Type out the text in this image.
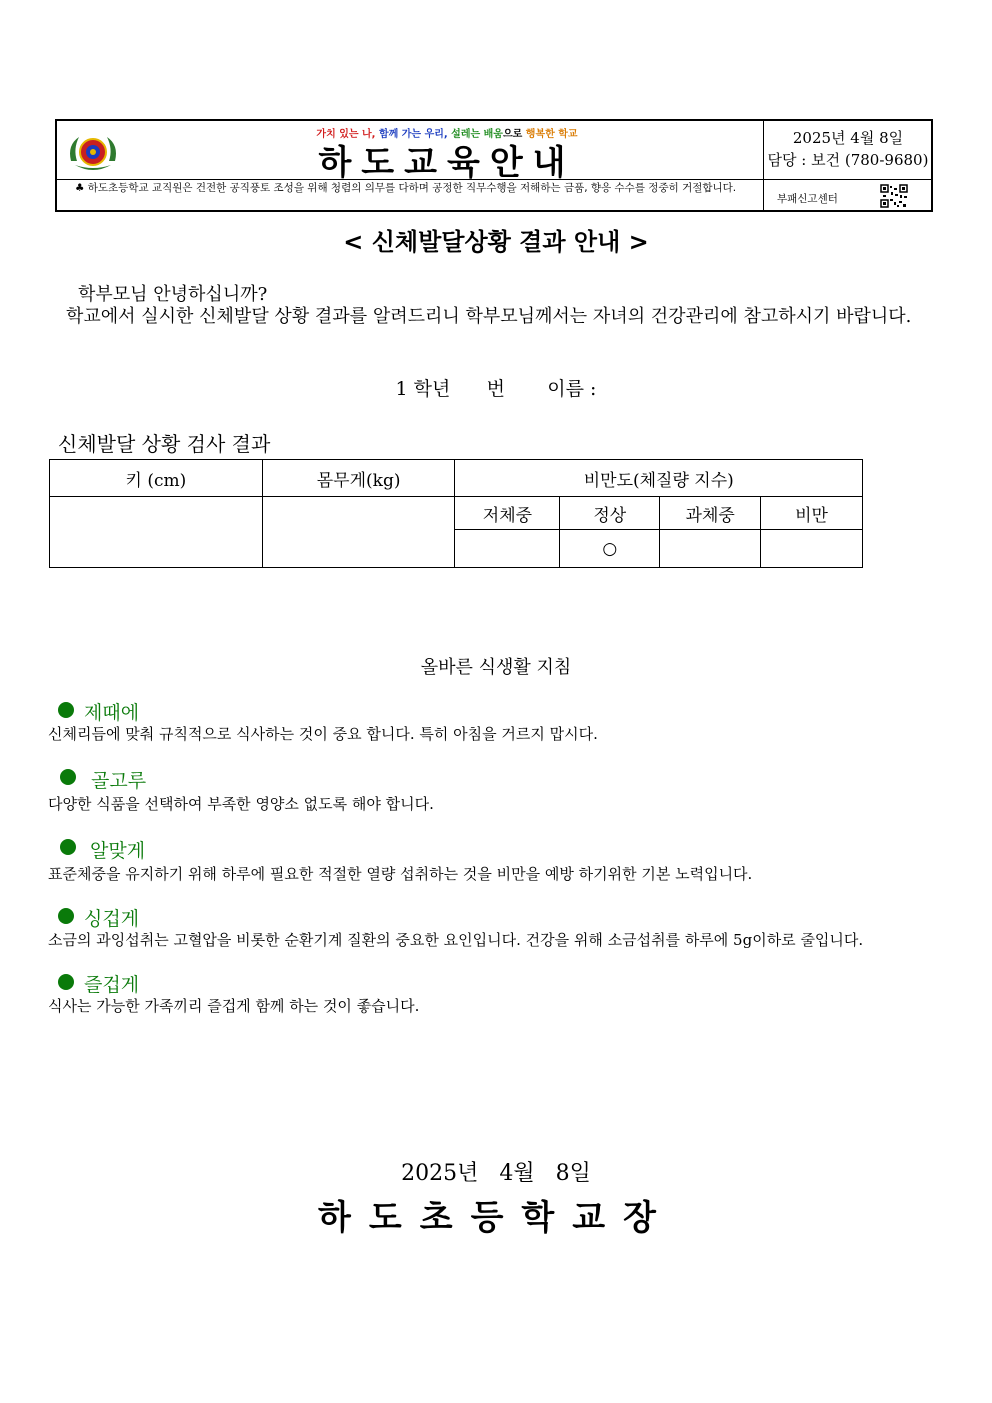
가치 있는 나, 함께 가는 우리, 설레는 배움으로 행복한 학교
하도교육안내
2025년 4월 8일
담당 : 보건 (780-9680)
♣ 하도초등학교 교직원은 건전한 공직풍토 조성을 위해 청렴의 의무를 다하며 공정한 직무수행을 저해하는 금품, 향응 수수를 정중히 거절합니다.
부패신고센터
< 신체발달상황 결과 안내 >
학부모님 안녕하십니까?
학교에서 실시한 신체발달 상황 결과를 알려드리니 학부모님께서는 자녀의 건강관리에 참고하시기 바랍니다.
1 학년 번 이름 :
신체발달 상황 검사 결과
키 (cm)	몸무게(kg)	비만도(체질량 지수)			
		저체중	정상	과체중	비만
			○		
올바른 식생활 지침
제때에
신체리듬에 맞춰 규칙적으로 식사하는 것이 중요 합니다. 특히 아침을 거르지 맙시다.
골고루
다양한 식품을 선택하여 부족한 영양소 없도록 해야 합니다.
알맞게
표준체중을 유지하기 위해 하루에 필요한 적절한 열량 섭취하는 것을 비만을 예방 하기위한 기본 노력입니다.
싱겁게
소금의 과잉섭취는 고혈압을 비롯한 순환기계 질환의 중요한 요인입니다. 건강을 위해 소금섭취를 하루에 5g이하로 줄입니다.
즐겁게
식사는 가능한 가족끼리 즐겁게 함께 하는 것이 좋습니다.
2025년   4월   8일
하도초등학교장
